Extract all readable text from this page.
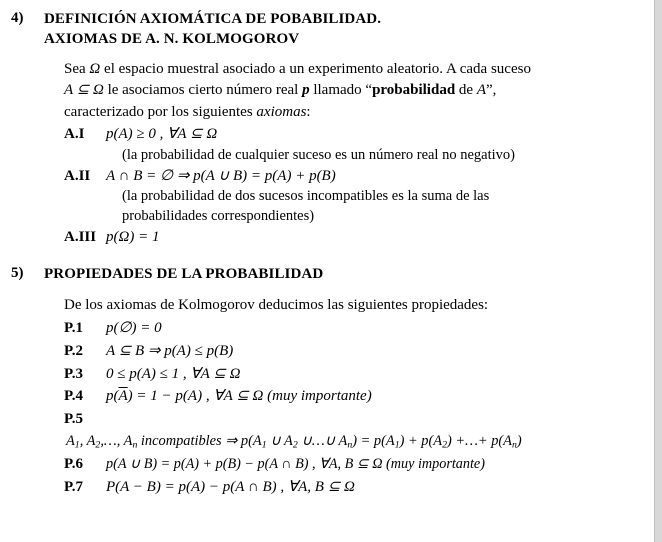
4) DEFINICIÓN AXIOMÁTICA DE POBABILIDAD.
AXIOMAS DE A. N. KOLMOGOROV

Sea Ω el espacio muestral asociado a un experimento aleatorio. A cada suceso

A ⊆ Ω le asociamos cierto número real p llamado “probabilidad de A”,

caracterizado por los siguientes axiomas:

A.I	p(A) ≥ 0 , ∀A ⊆ Ω
(la probabilidad de cualquier suceso es un número real no negativo)
A.II	A ∩ B = ∅ ⇒ p(A ∪ B) = p(A) + p(B)
(la probabilidad de dos sucesos incompatibles es la suma de las
probabilidades correspondientes)
A.III p(Ω) = 1
5) PROPIEDADES DE LA PROBABILIDAD

De los axiomas de Kolmogorov deducimos las siguientes propiedades:

P.1	p(∅) = 0
P.2	A ⊆ B ⇒ p(A) ≤ p(B)
P.3	0 ≤ p(A) ≤ 1 , ∀A ⊆ Ω
P.4	$p(\overline{A}) = 1 - p(A)$ , ∀A ⊆ Ω (muy importante)
P.5
$A_1$, $A_2,\dots$, $A_n$ incompatibles ⇒ $p(A_1$ ∪ $A_2$ ∪…∪ $A_n) = p(A_1) + p(A_2)$ +…+ $p(A_n)$
P.6	p(A ∪ B) = p(A) + p(B) − p(A ∩ B) , ∀A, B ⊆ Ω (muy importante)
P.7	P(A − B) = p(A) − p(A ∩ B) , ∀A, B ⊆ Ω
